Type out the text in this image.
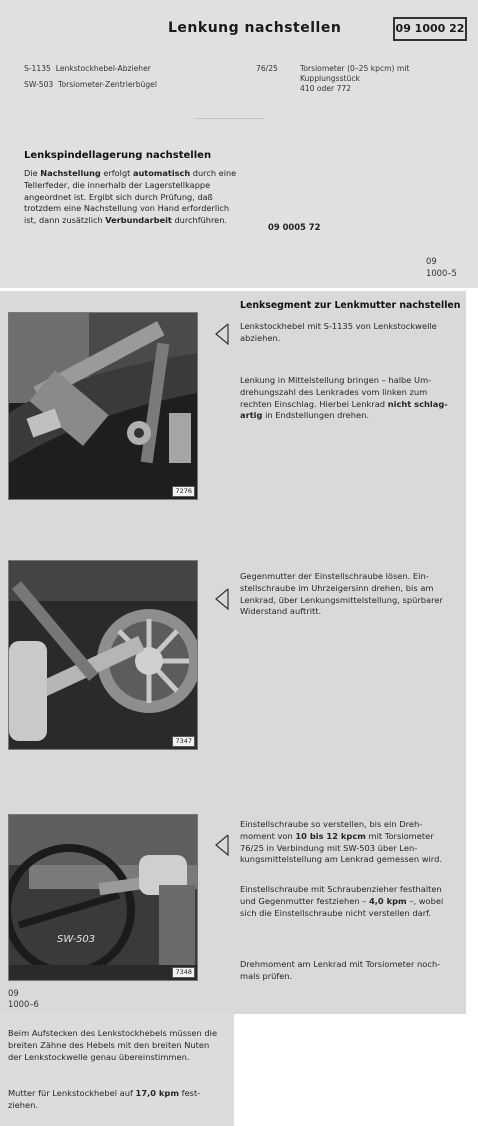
Lenkung nachstellen	09 1000 22
S-1135 Lenkstockhebel-Abzieher
SW-503 Torsiometer-Zentrierbügel
76/25	Torsiometer (0–25 kpcm) mit Kupplungsstück
410 oder 772
Lenkspindellagerung nachstellen
Die Nachstellung erfolgt automatisch durch eine Tellerfeder, die innerhalb der Lagerstellkappe angeordnet ist. Ergibt sich durch Prüfung, daß trotzdem eine Nachstellung von Hand erforderlich ist, dann zusätzlich Verbundarbeit durchführen.
09 0005 72
09
1000–5
Lenksegment zur Lenkmutter nachstellen
7276
Lenkstockhebel mit S-1135 von Lenkstockwelle abziehen.
Lenkung in Mittelstellung bringen – halbe Umdrehungszahl des Lenkrades vom linken zum rechten Einschlag. Hierbei Lenkrad nicht schlagartig in Endstellungen drehen.
7347
Gegenmutter der Einstellschraube lösen. Einstellschraube im Uhrzeigersinn drehen, bis am Lenkrad, über Lenkungsmittelstellung, spürbarer Widerstand auftritt.
SW-503
7348
Einstellschraube so verstellen, bis ein Drehmoment von 10 bis 12 kpcm mit Torsiometer 76/25 in Verbindung mit SW-503 über Lenkungsmittelstellung am Lenkrad gemessen wird.
Einstellschraube mit Schraubenzieher festhalten und Gegenmutter festziehen – 4,0 kpm –, wobei sich die Einstellschraube nicht verstellen darf.
Drehmoment am Lenkrad mit Torsiometer nochmals prüfen.
09
1000–6
Beim Aufstecken des Lenkstockhebels müssen die breiten Zähne des Hebels mit den breiten Nuten der Lenkstockwelle genau übereinstimmen.
Mutter für Lenkstockhebel auf 17,0 kpm festziehen.
